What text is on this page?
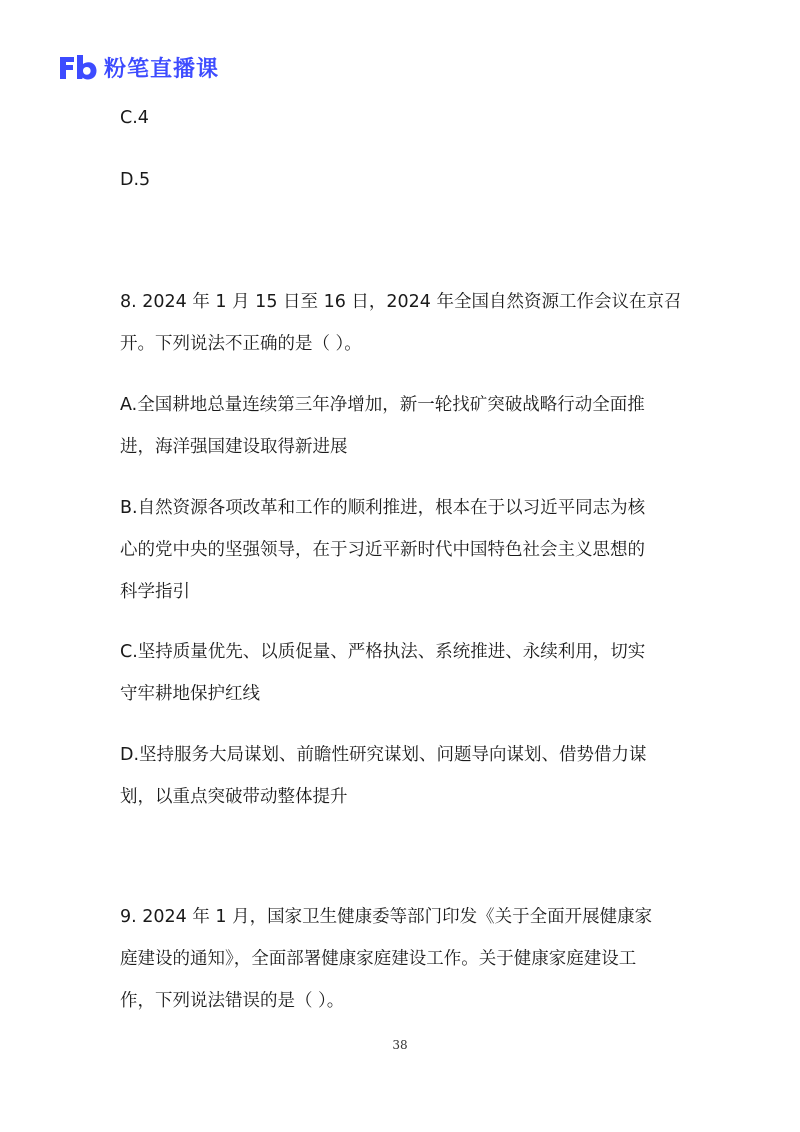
粉笔直播课
C.4
D.5
8. 2024 年 1 月 15 日至 16 日，2024 年全国自然资源工作会议在京召
开。下列说法不正确的是（ ）。
A.全国耕地总量连续第三年净增加，新一轮找矿突破战略行动全面推
进，海洋强国建设取得新进展
B.自然资源各项改革和工作的顺利推进，根本在于以习近平同志为核
心的党中央的坚强领导，在于习近平新时代中国特色社会主义思想的
科学指引
C.坚持质量优先、以质促量、严格执法、系统推进、永续利用，切实
守牢耕地保护红线
D.坚持服务大局谋划、前瞻性研究谋划、问题导向谋划、借势借力谋
划，以重点突破带动整体提升
9. 2024 年 1 月，国家卫生健康委等部门印发《关于全面开展健康家
庭建设的通知》，全面部署健康家庭建设工作。关于健康家庭建设工
作，下列说法错误的是（ ）。
38
